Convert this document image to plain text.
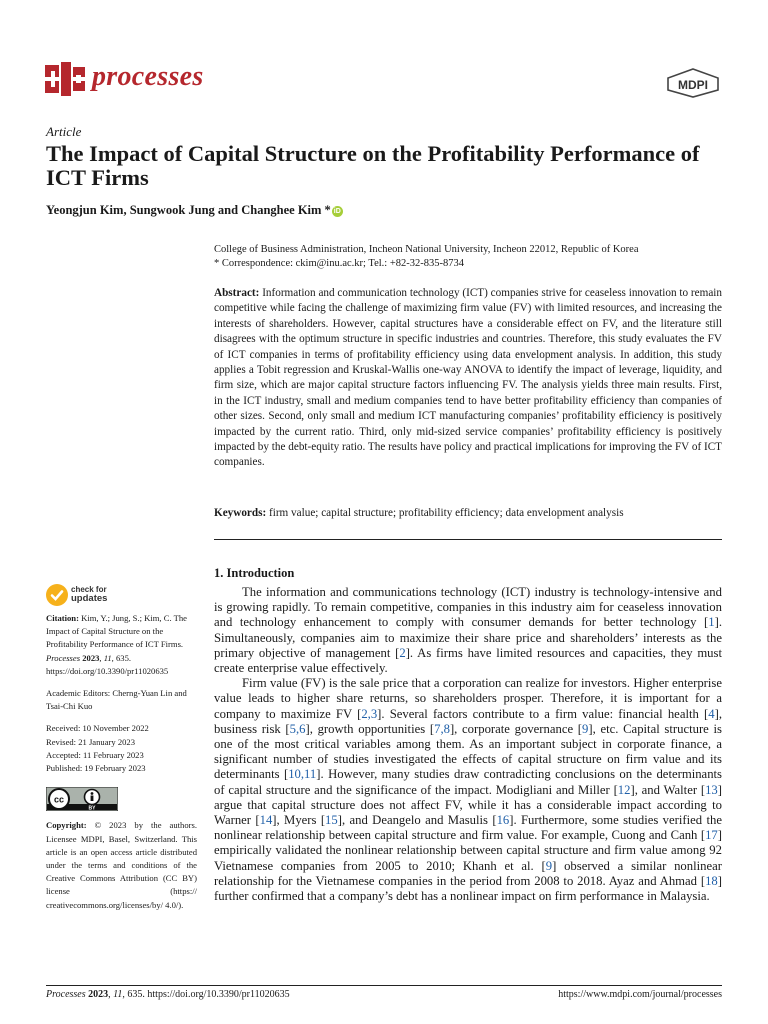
processes	MDPI
Article
The Impact of Capital Structure on the Profitability Performance of ICT Firms
Yeongjun Kim, Sungwook Jung and Changhee Kim * iD
College of Business Administration, Incheon National University, Incheon 22012, Republic of Korea
* Correspondence: ckim@inu.ac.kr; Tel.: +82-32-835-8734
Abstract: Information and communication technology (ICT) companies strive for ceaseless innovation to remain competitive while facing the challenge of maximizing firm value (FV) with limited resources, and increasing the interests of shareholders. However, capital structures have a considerable effect on FV, and the literature still disagrees with the optimum structure in specific industries and countries. Therefore, this study evaluates the FV of ICT companies in terms of profitability efficiency using data envelopment analysis. In addition, this study applies a Tobit regression and Kruskal-Wallis one-way ANOVA to identify the impact of leverage, liquidity, and firm size, which are major capital structure factors influencing FV. The analysis yields three main results. First, in the ICT industry, small and medium companies tend to have better profitability efficiency than companies of other sizes. Second, only small and medium ICT manufacturing companies’ profitability efficiency is positively impacted by the current ratio. Third, only mid-sized service companies’ profitability efficiency is positively impacted by the debt-equity ratio. The results have policy and practical implications for improving the FV of ICT companies.
Keywords: firm value; capital structure; profitability efficiency; data envelopment analysis
1. Introduction

The information and communications technology (ICT) industry is technology-intensive and is growing rapidly. To remain competitive, companies in this industry aim for ceaseless innovation and technology enhancement to comply with consumer demands for better technology [1]. Simultaneously, companies aim to maximize their share price and shareholders’ interests as the primary objective of management [2]. As firms have limited resources and capacities, they must create enterprise value effectively.

Firm value (FV) is the sale price that a corporation can realize for investors. Higher enterprise value leads to higher share returns, so shareholders prosper. Therefore, it is important for a company to maximize FV [2,3]. Several factors contribute to a firm value: financial health [4], business risk [5,6], growth opportunities [7,8], corporate governance [9], etc. Capital structure is one of the most critical variables among them. As an important subject in corporate finance, a significant number of studies investigated the effects of capital structure on firm value and its determinants [10,11]. However, many studies draw contradicting conclusions on the determinants of capital structure and the significance of the impact. Modigliani and Miller [12], and Walter [13] argue that capital structure does not affect FV, while it has a considerable impact according to Warner [14], Myers [15], and Deangelo and Masulis [16]. Furthermore, some studies verified the nonlinear relationship between capital structure and firm value. For example, Cuong and Canh [17] empirically validated the nonlinear relationship between capital structure and firm value among 92 Vietnamese companies from 2005 to 2010; Khanh et al. [9] observed a similar nonlinear relationship for the Vietnamese companies in the period from 2008 to 2018. Ayaz and Ahmad [18] further confirmed that a company’s debt has a nonlinear impact on firm performance in Malaysia.

check for
updates
Citation: Kim, Y.; Jung, S.; Kim, C. The Impact of Capital Structure on the Profitability Performance of ICT Firms. Processes 2023, 11, 635. https://doi.org/10.3390/pr11020635
Academic Editors: Cherng-Yuan Lin and Tsai-Chi Kuo
Received: 10 November 2022
Revised: 21 January 2023
Accepted: 11 February 2023
Published: 19 February 2023
cc
BY
Copyright: © 2023 by the authors. Licensee MDPI, Basel, Switzerland. This article is an open access article distributed under the terms and conditions of the Creative Commons Attribution (CC BY) license (https:// creativecommons.org/licenses/by/ 4.0/).
Processes 2023, 11, 635. https://doi.org/10.3390/pr11020635	https://www.mdpi.com/journal/processes
